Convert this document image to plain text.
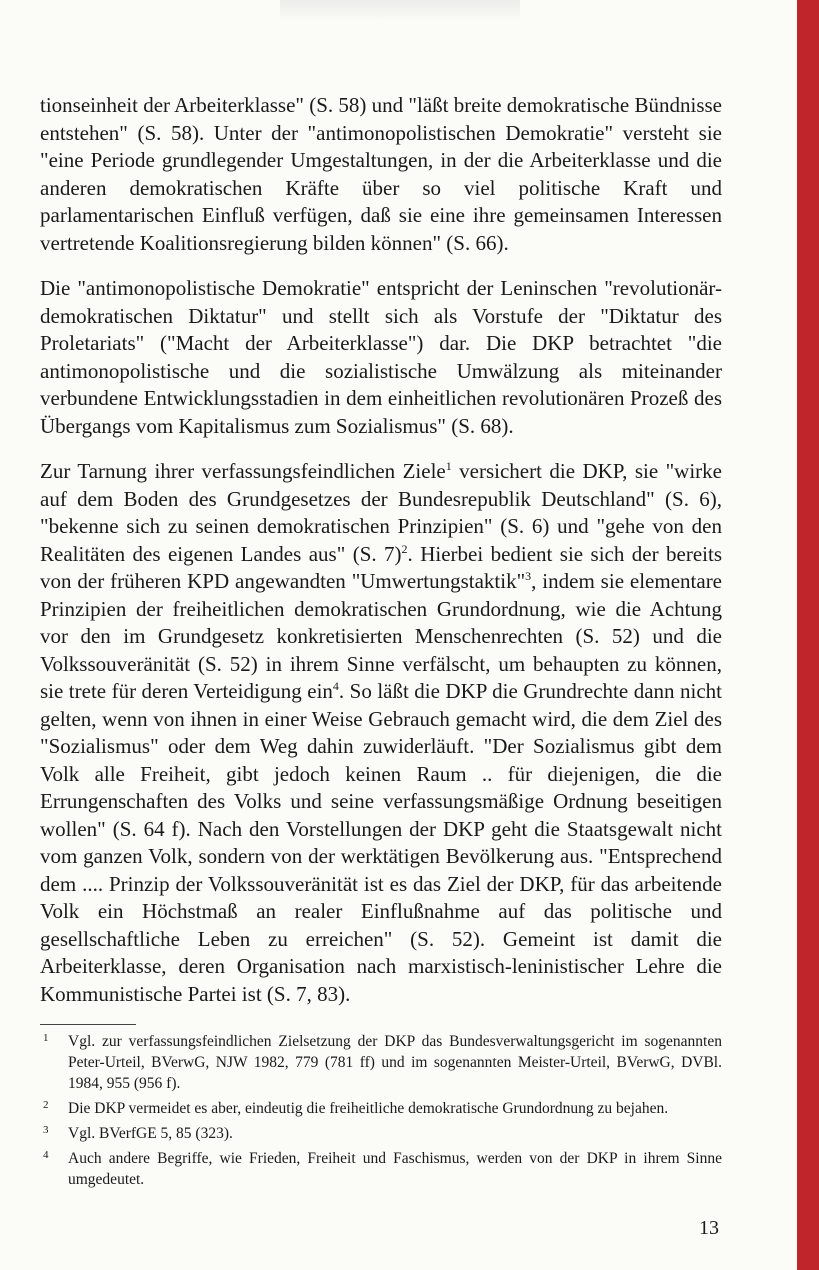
tionseinheit der Arbeiterklasse" (S. 58) und "läßt breite demokratische Bündnisse entstehen" (S. 58). Unter der "antimonopolistischen Demokratie" versteht sie "eine Periode grundlegender Umgestaltungen, in der die Arbeiterklasse und die anderen demokratischen Kräfte über so viel politische Kraft und parlamentarischen Einfluß verfügen, daß sie eine ihre gemeinsamen Interessen vertretende Koalitionsregierung bilden können" (S. 66).

Die "antimonopolistische Demokratie" entspricht der Leninschen "revolutionär-demokratischen Diktatur" und stellt sich als Vorstufe der "Diktatur des Proletariats" ("Macht der Arbeiterklasse") dar. Die DKP betrachtet "die antimonopolistische und die sozialistische Umwälzung als miteinander verbundene Entwicklungsstadien in dem einheitlichen revolutionären Prozeß des Übergangs vom Kapitalismus zum Sozialismus" (S. 68).

Zur Tarnung ihrer verfassungsfeindlichen Ziele$^1$ versichert die DKP, sie "wirke auf dem Boden des Grundgesetzes der Bundesrepublik Deutschland" (S. 6), "bekenne sich zu seinen demokratischen Prinzipien" (S. 6) und "gehe von den Realitäten des eigenen Landes aus" (S. 7)$^2$. Hierbei bedient sie sich der bereits von der früheren KPD angewandten "Umwertungstaktik"$^3$, indem sie elementare Prinzipien der freiheitlichen demokratischen Grundordnung, wie die Achtung vor den im Grundgesetz konkretisierten Menschenrechten (S. 52) und die Volkssouveränität (S. 52) in ihrem Sinne verfälscht, um behaupten zu können, sie trete für deren Verteidigung ein$^4$. So läßt die DKP die Grundrechte dann nicht gelten, wenn von ihnen in einer Weise Gebrauch gemacht wird, die dem Ziel des "Sozialismus" oder dem Weg dahin zuwiderläuft. "Der Sozialismus gibt dem Volk alle Freiheit, gibt jedoch keinen Raum .. für diejenigen, die die Errungenschaften des Volks und seine verfassungsmäßige Ordnung beseitigen wollen" (S. 64 f). Nach den Vorstellungen der DKP geht die Staatsgewalt nicht vom ganzen Volk, sondern von der werktätigen Bevölkerung aus. "Entsprechend dem .... Prinzip der Volkssouveränität ist es das Ziel der DKP, für das arbeitende Volk ein Höchstmaß an realer Einflußnahme auf das politische und gesellschaftliche Leben zu erreichen" (S. 52). Gemeint ist damit die Arbeiterklasse, deren Organisation nach marxistisch-leninistischer Lehre die Kommunistische Partei ist (S. 7, 83).

1	Vgl. zur verfassungsfeindlichen Zielsetzung der DKP das Bundesverwaltungsgericht im sogenannten Peter-Urteil, BVerwG, NJW 1982, 779 (781 ff) und im sogenannten Meister-Urteil, BVerwG, DVBl. 1984, 955 (956 f).
2	Die DKP vermeidet es aber, eindeutig die freiheitliche demokratische Grundordnung zu bejahen.
3	Vgl. BVerfGE 5, 85 (323).
4	Auch andere Begriffe, wie Frieden, Freiheit und Faschismus, werden von der DKP in ihrem Sinne umgedeutet.
13
